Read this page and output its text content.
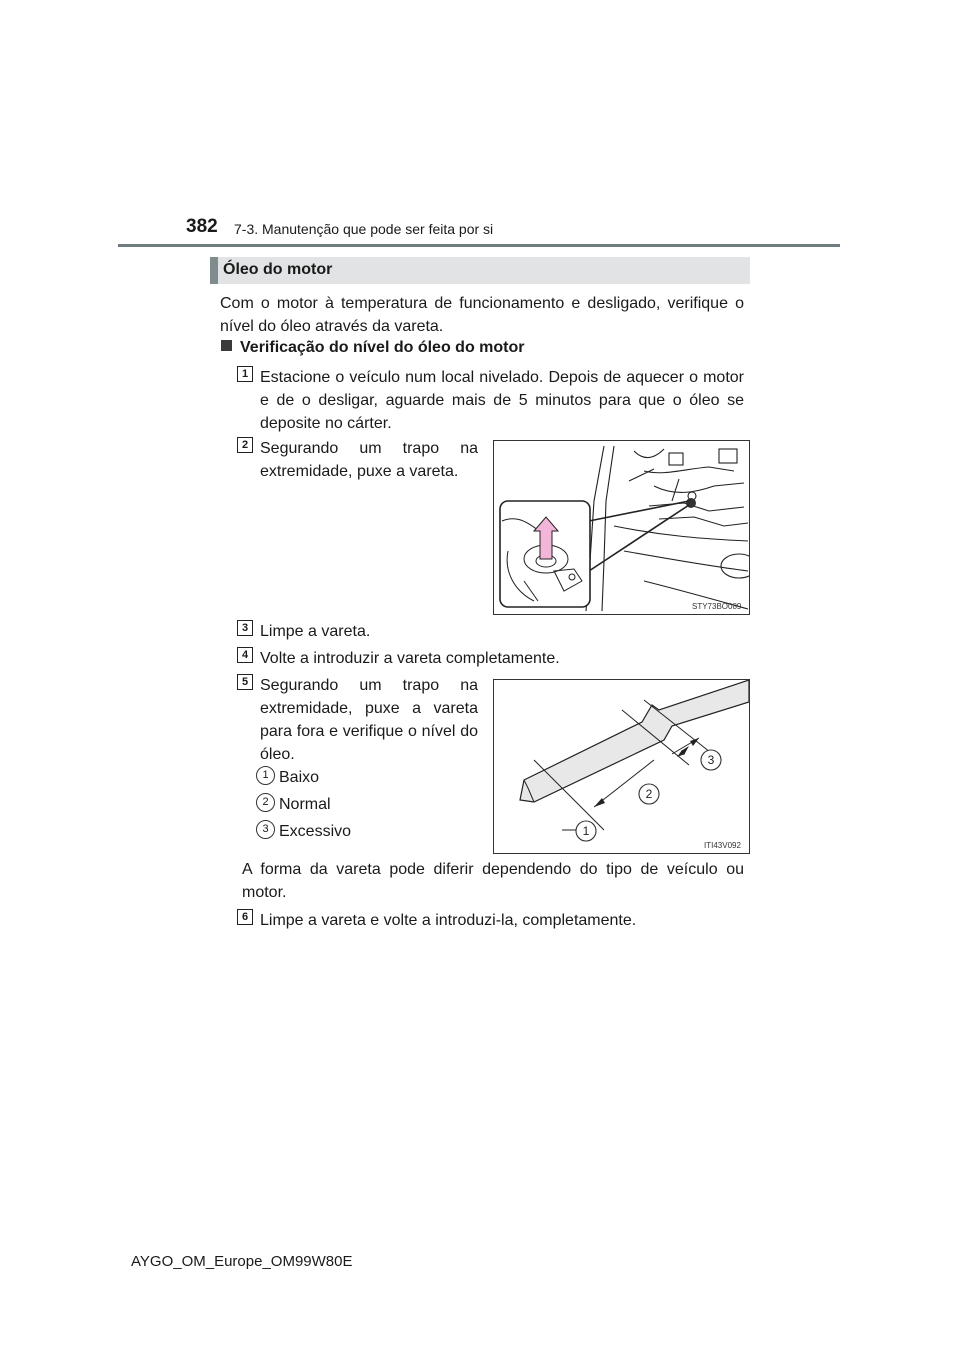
382 7-3. Manutenção que pode ser feita por si
Óleo do motor
Com o motor à temperatura de funcionamento e desligado, verifique o nível do óleo através da vareta.
Verificação do nível do óleo do motor
1 Estacione o veículo num local nivelado. Depois de aquecer o motor e de o desligar, aguarde mais de 5 minutos para que o óleo se deposite no cárter.
2 Segurando um trapo na extremidade, puxe a vareta.
STY73BO089
3 Limpe a vareta.
4 Volte a introduzir a vareta completamente.
5 Segurando um trapo na extremidade, puxe a vareta para fora e verifique o nível do óleo.
1 Baixo
2 Normal
3 Excessivo	1
2
3
ITI43V092
A forma da vareta pode diferir dependendo do tipo de veículo ou motor.
6 Limpe a vareta e volte a introduzi-la, completamente.
AYGO_OM_Europe_OM99W80E
